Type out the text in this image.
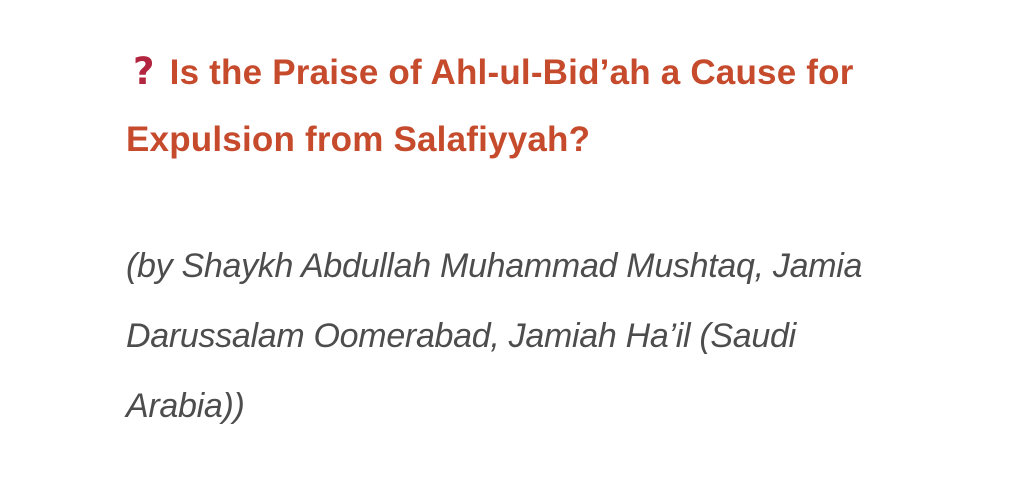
? Is the Praise of Ahl-ul-Bid’ah a Cause for
Expulsion from Salafiyyah?

(by Shaykh Abdullah Muhammad Mushtaq, Jamia
Darussalam Oomerabad, Jamiah Ha’il (Saudi
Arabia))
